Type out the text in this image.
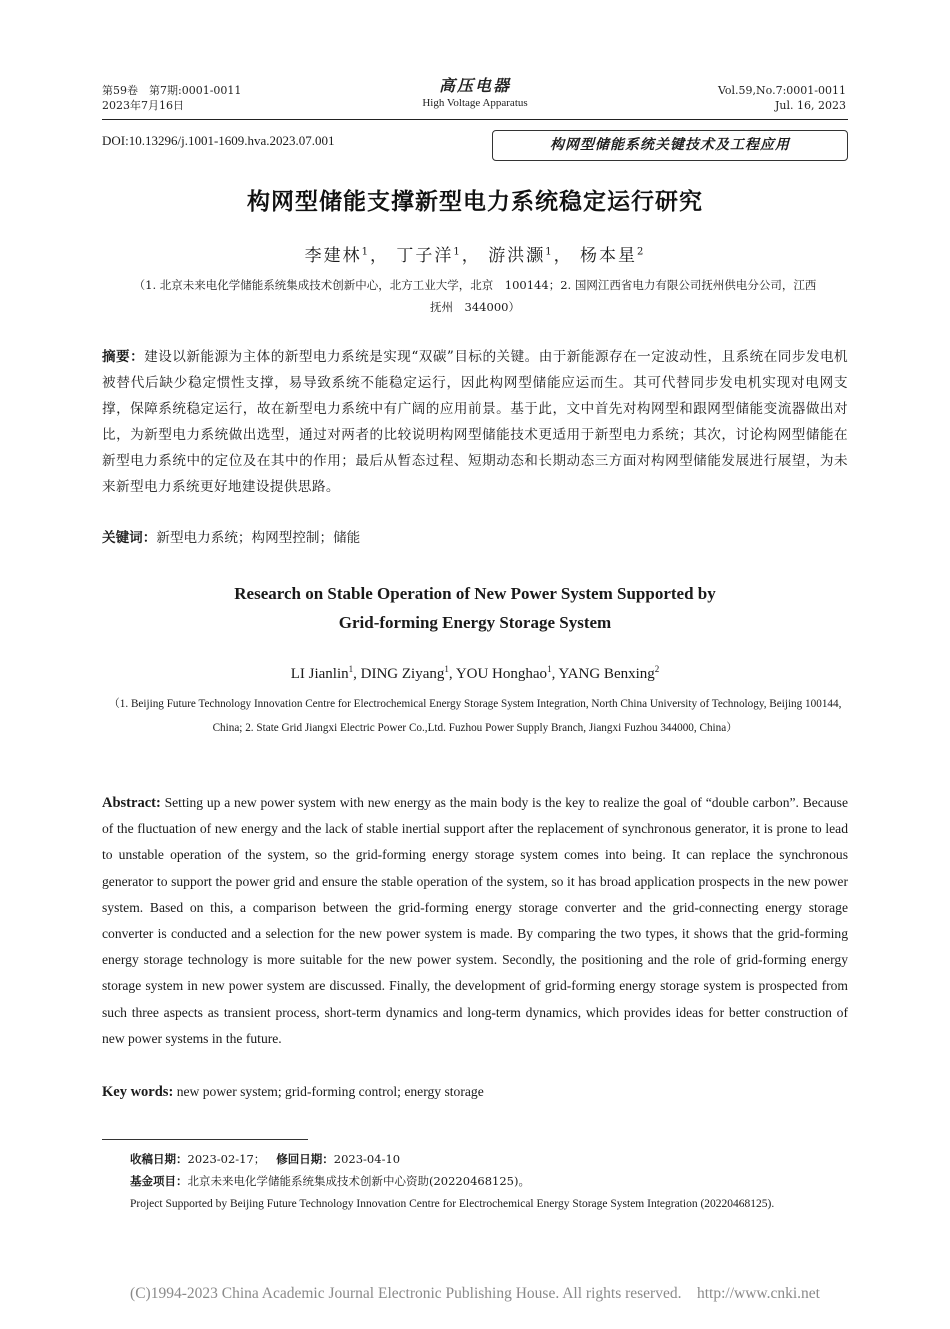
第59卷　第7期:0001-0011
2023年7月16日
高压电器
High Voltage Apparatus
Vol.59,No.7:0001-0011
Jul. 16, 2023
DOI:10.13296/j.1001-1609.hva.2023.07.001	构网型储能系统关键技术及工程应用
构网型储能支撑新型电力系统稳定运行研究
李建林$^1$， 丁子洋$^1$， 游洪灏$^1$， 杨本星$^2$
（1. 北京未来电化学储能系统集成技术创新中心，北方工业大学，北京　100144；2. 国网江西省电力有限公司抚州供电分公司，江西 抚州　344000）
摘要：建设以新能源为主体的新型电力系统是实现“双碳”目标的关键。由于新能源存在一定波动性，且系统在同步发电机被替代后缺少稳定惯性支撑，易导致系统不能稳定运行，因此构网型储能应运而生。其可代替同步发电机实现对电网支撑，保障系统稳定运行，故在新型电力系统中有广阔的应用前景。基于此，文中首先对构网型和跟网型储能变流器做出对比，为新型电力系统做出选型，通过对两者的比较说明构网型储能技术更适用于新型电力系统；其次，讨论构网型储能在新型电力系统中的定位及在其中的作用；最后从暂态过程、短期动态和长期动态三方面对构网型储能发展进行展望，为未来新型电力系统更好地建设提供思路。
关键词：新型电力系统；构网型控制；储能
Research on Stable Operation of New Power System Supported by
Grid-forming Energy Storage System
LI Jianlin$^1$, DING Ziyang$^1$, YOU Honghao$^1$, YANG Benxing$^2$
（1. Beijing Future Technology Innovation Centre for Electrochemical Energy Storage System Integration, North China University of Technology, Beijing 100144, China; 2. State Grid Jiangxi Electric Power Co.,Ltd. Fuzhou Power Supply Branch, Jiangxi Fuzhou 344000, China）
Abstract: Setting up a new power system with new energy as the main body is the key to realize the goal of “double carbon”. Because of the fluctuation of new energy and the lack of stable inertial support after the replacement of synchronous generator, it is prone to lead to unstable operation of the system, so the grid-forming energy storage system comes into being. It can replace the synchronous generator to support the power grid and ensure the stable operation of the system, so it has broad application prospects in the new power system. Based on this, a comparison between the grid-forming energy storage converter and the grid-connecting energy storage converter is conducted and a selection for the new power system is made. By comparing the two types, it shows that the grid-forming energy storage technology is more suitable for the new power system. Secondly, the positioning and the role of grid-forming energy storage system in new power system are discussed. Finally, the development of grid-forming energy storage system is prospected from such three aspects as transient process, short-term dynamics and long-term dynamics, which provides ideas for better construction of new power systems in the future.
Key words: new power system; grid-forming control; energy storage
收稿日期：2023-02-17； 修回日期：2023-04-10
基金项目：北京未来电化学储能系统集成技术创新中心资助(20220468125)。
Project Supported by Beijing Future Technology Innovation Centre for Electrochemical Energy Storage System Integration (20220468125).
(C)1994-2023 China Academic Journal Electronic Publishing House. All rights reserved.　http://www.cnki.net
